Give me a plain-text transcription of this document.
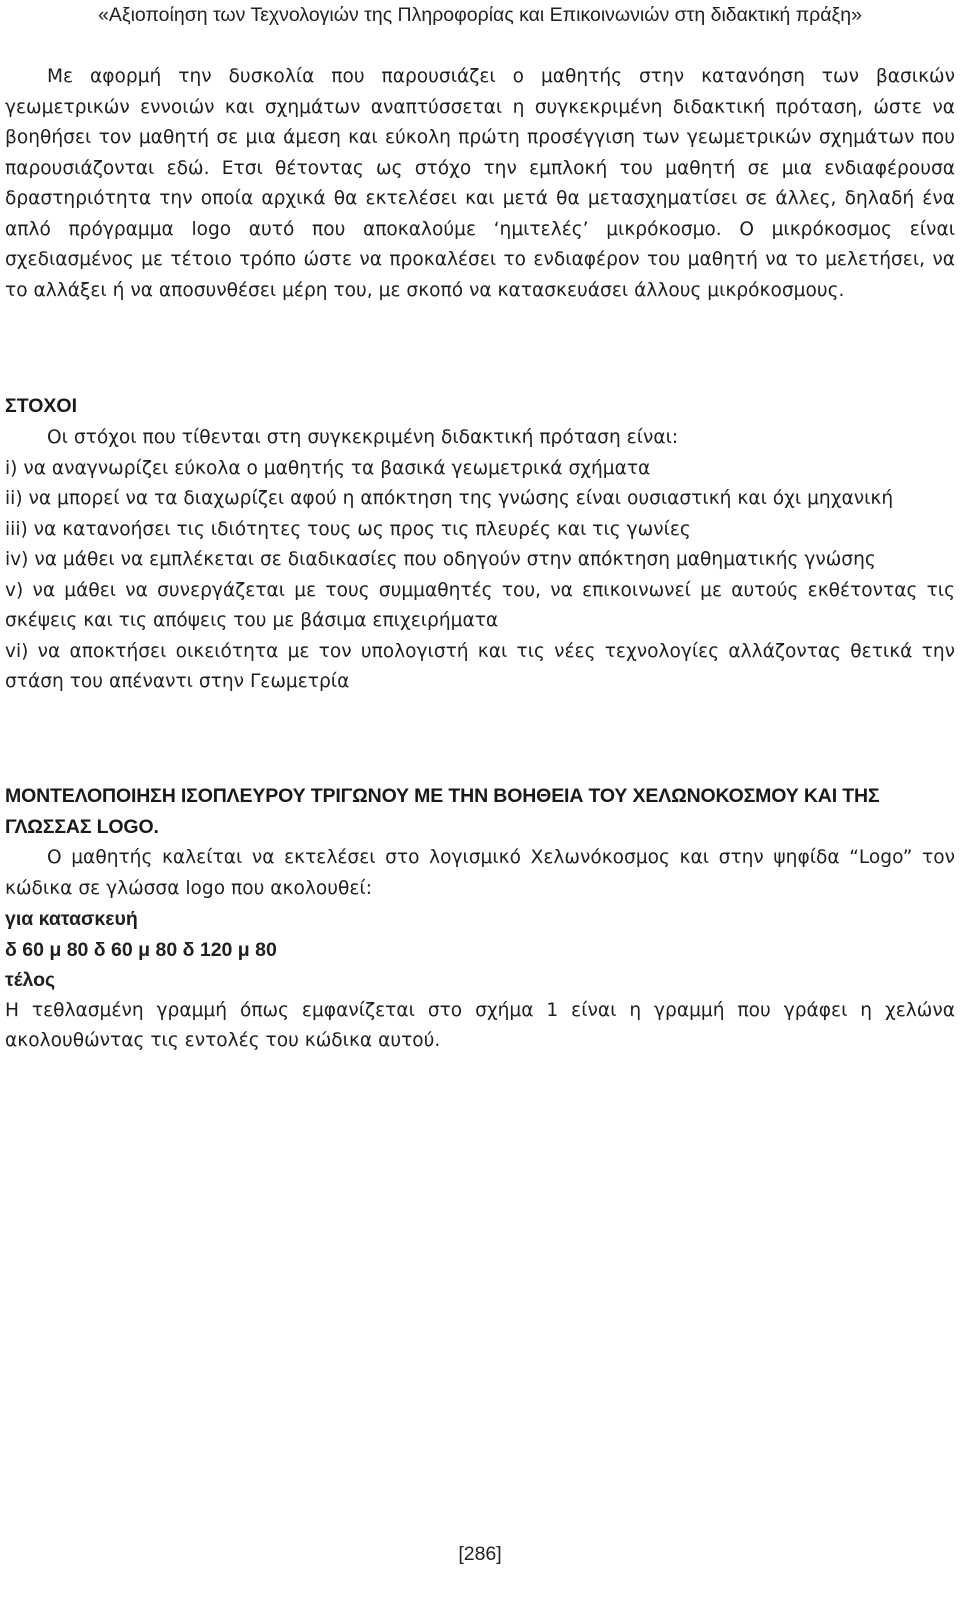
«Αξιοποίηση των Τεχνολογιών της Πληροφορίας και Επικοινωνιών στη διδακτική πράξη»

Με αφορμή την δυσκολία που παρουσιάζει ο μαθητής στην κατανόηση των βασικών γεωμετρικών εννοιών και σχημάτων αναπτύσσεται η συγκεκριμένη διδακτική πρόταση, ώστε να βοηθήσει τον μαθητή σε μια άμεση και εύκολη πρώτη προσέγγιση των γεωμετρικών σχημάτων που παρουσιάζονται εδώ. Ετσι θέτοντας ως στόχο την εμπλοκή του μαθητή σε μια ενδιαφέρουσα δραστηριότητα την οποία αρχικά θα εκτελέσει και μετά θα μετασχηματίσει σε άλλες, δηλαδή ένα απλό πρόγραμμα logo αυτό που αποκαλούμε ‘ημιτελές’ μικρόκοσμο. Ο μικρόκοσμος είναι σχεδιασμένος με τέτοιο τρόπο ώστε να προκαλέσει το ενδιαφέρον του μαθητή να το μελετήσει, να το αλλάξει ή να αποσυνθέσει μέρη του, με σκοπό να κατασκευάσει άλλους μικρόκοσμους.

ΣΤΟΧΟΙ

Οι στόχοι που τίθενται στη συγκεκριμένη διδακτική πρόταση είναι:

i) να αναγνωρίζει εύκολα ο μαθητής τα βασικά γεωμετρικά σχήματα

ii) να μπορεί να τα διαχωρίζει αφού η απόκτηση της γνώσης είναι ουσιαστική και όχι μηχανική

iii) να κατανοήσει τις ιδιότητες τους ως προς τις πλευρές και τις γωνίες

iv) να μάθει να εμπλέκεται σε διαδικασίες που οδηγούν στην απόκτηση μαθηματικής γνώσης

v) να μάθει να συνεργάζεται με τους συμμαθητές του, να επικοινωνεί με αυτούς εκθέτοντας τις σκέψεις και τις απόψεις του με βάσιμα επιχειρήματα

vi) να αποκτήσει οικειότητα με τον υπολογιστή και τις νέες τεχνολογίες αλλάζοντας θετικά την στάση του απέναντι στην Γεωμετρία

ΜΟΝΤΕΛΟΠΟΙΗΣΗ ΙΣΟΠΛΕΥΡΟΥ ΤΡΙΓΩΝΟΥ ΜΕ ΤΗΝ ΒΟΗΘΕΙΑ ΤΟΥ ΧΕΛΩΝΟΚΟΣΜΟΥ ΚΑΙ ΤΗΣ ΓΛΩΣΣΑΣ LOGO.

Ο μαθητής καλείται να εκτελέσει στο λογισμικό Χελωνόκοσμος και στην ψηφίδα “Logo” τον κώδικα σε γλώσσα logo που ακολουθεί:

για κατασκευή

δ 60 μ 80 δ 60 μ 80 δ 120 μ 80

τέλος

Η τεθλασμένη γραμμή όπως εμφανίζεται στο σχήμα 1 είναι η γραμμή που γράφει η χελώνα ακολουθώντας τις εντολές του κώδικα αυτού.

[286]
